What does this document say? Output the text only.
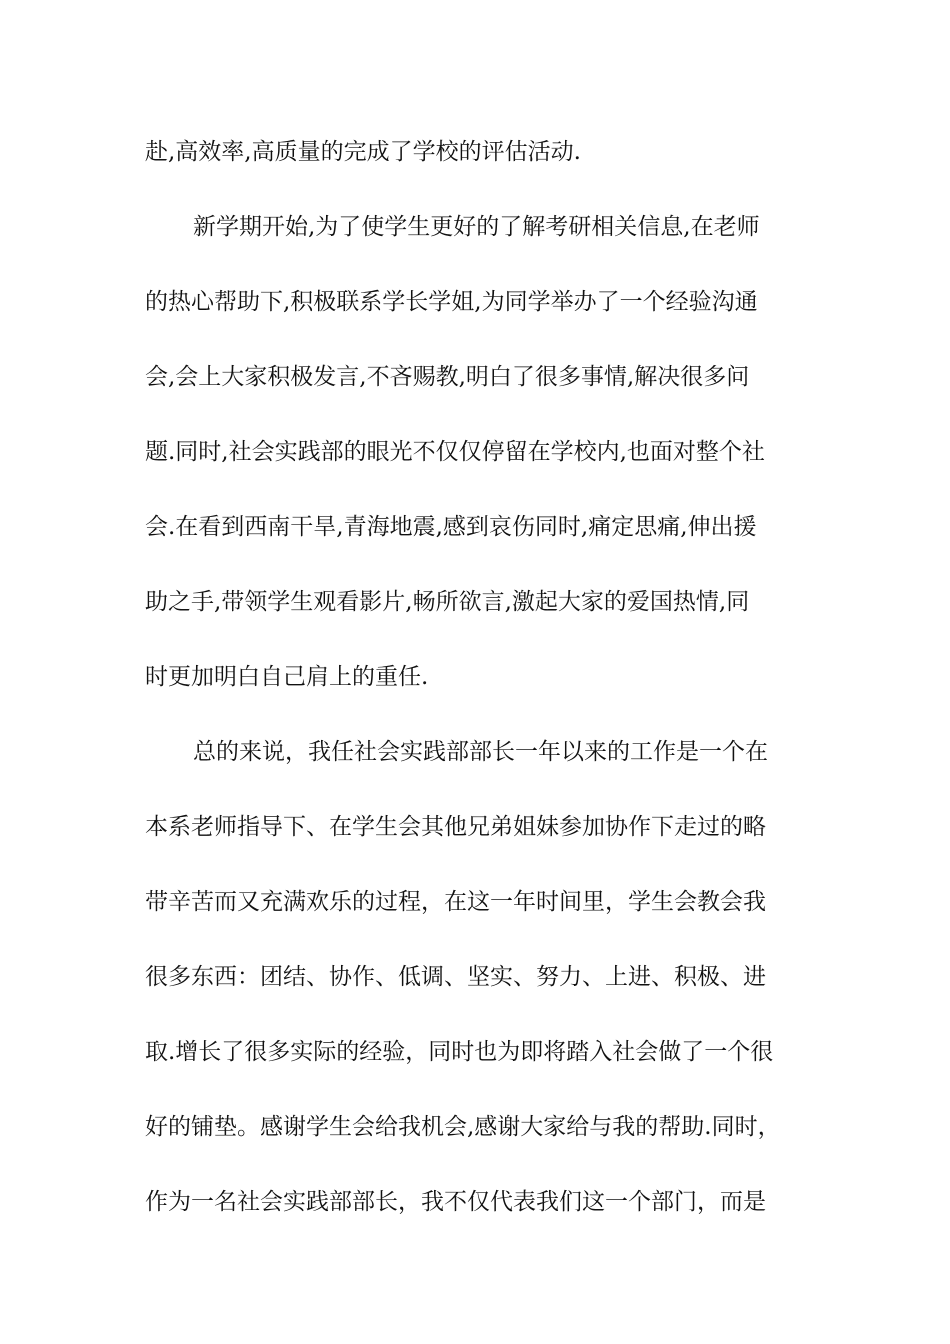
赴,高效率,高质量的完成了学校的评估活动.
新学期开始,为了使学生更好的了解考研相关信息,在老师
的热心帮助下,积极联系学长学姐,为同学举办了一个经验沟通
会,会上大家积极发言,不吝赐教,明白了很多事情,解决很多问
题.同时,社会实践部的眼光不仅仅停留在学校内,也面对整个社
会.在看到西南干旱,青海地震,感到哀伤同时,痛定思痛,伸出援
助之手,带领学生观看影片,畅所欲言,激起大家的爱国热情,同
时更加明白自己肩上的重任.
总的来说，我任社会实践部部长一年以来的工作是一个在
本系老师指导下、在学生会其他兄弟姐妹参加协作下走过的略
带辛苦而又充满欢乐的过程，在这一年时间里，学生会教会我
很多东西：团结、协作、低调、坚实、努力、上进、积极、进
取.增长了很多实际的经验，同时也为即将踏入社会做了一个很
好的铺垫。感谢学生会给我机会,感谢大家给与我的帮助.同时，
作为一名社会实践部部长，我不仅代表我们这一个部门，而是
